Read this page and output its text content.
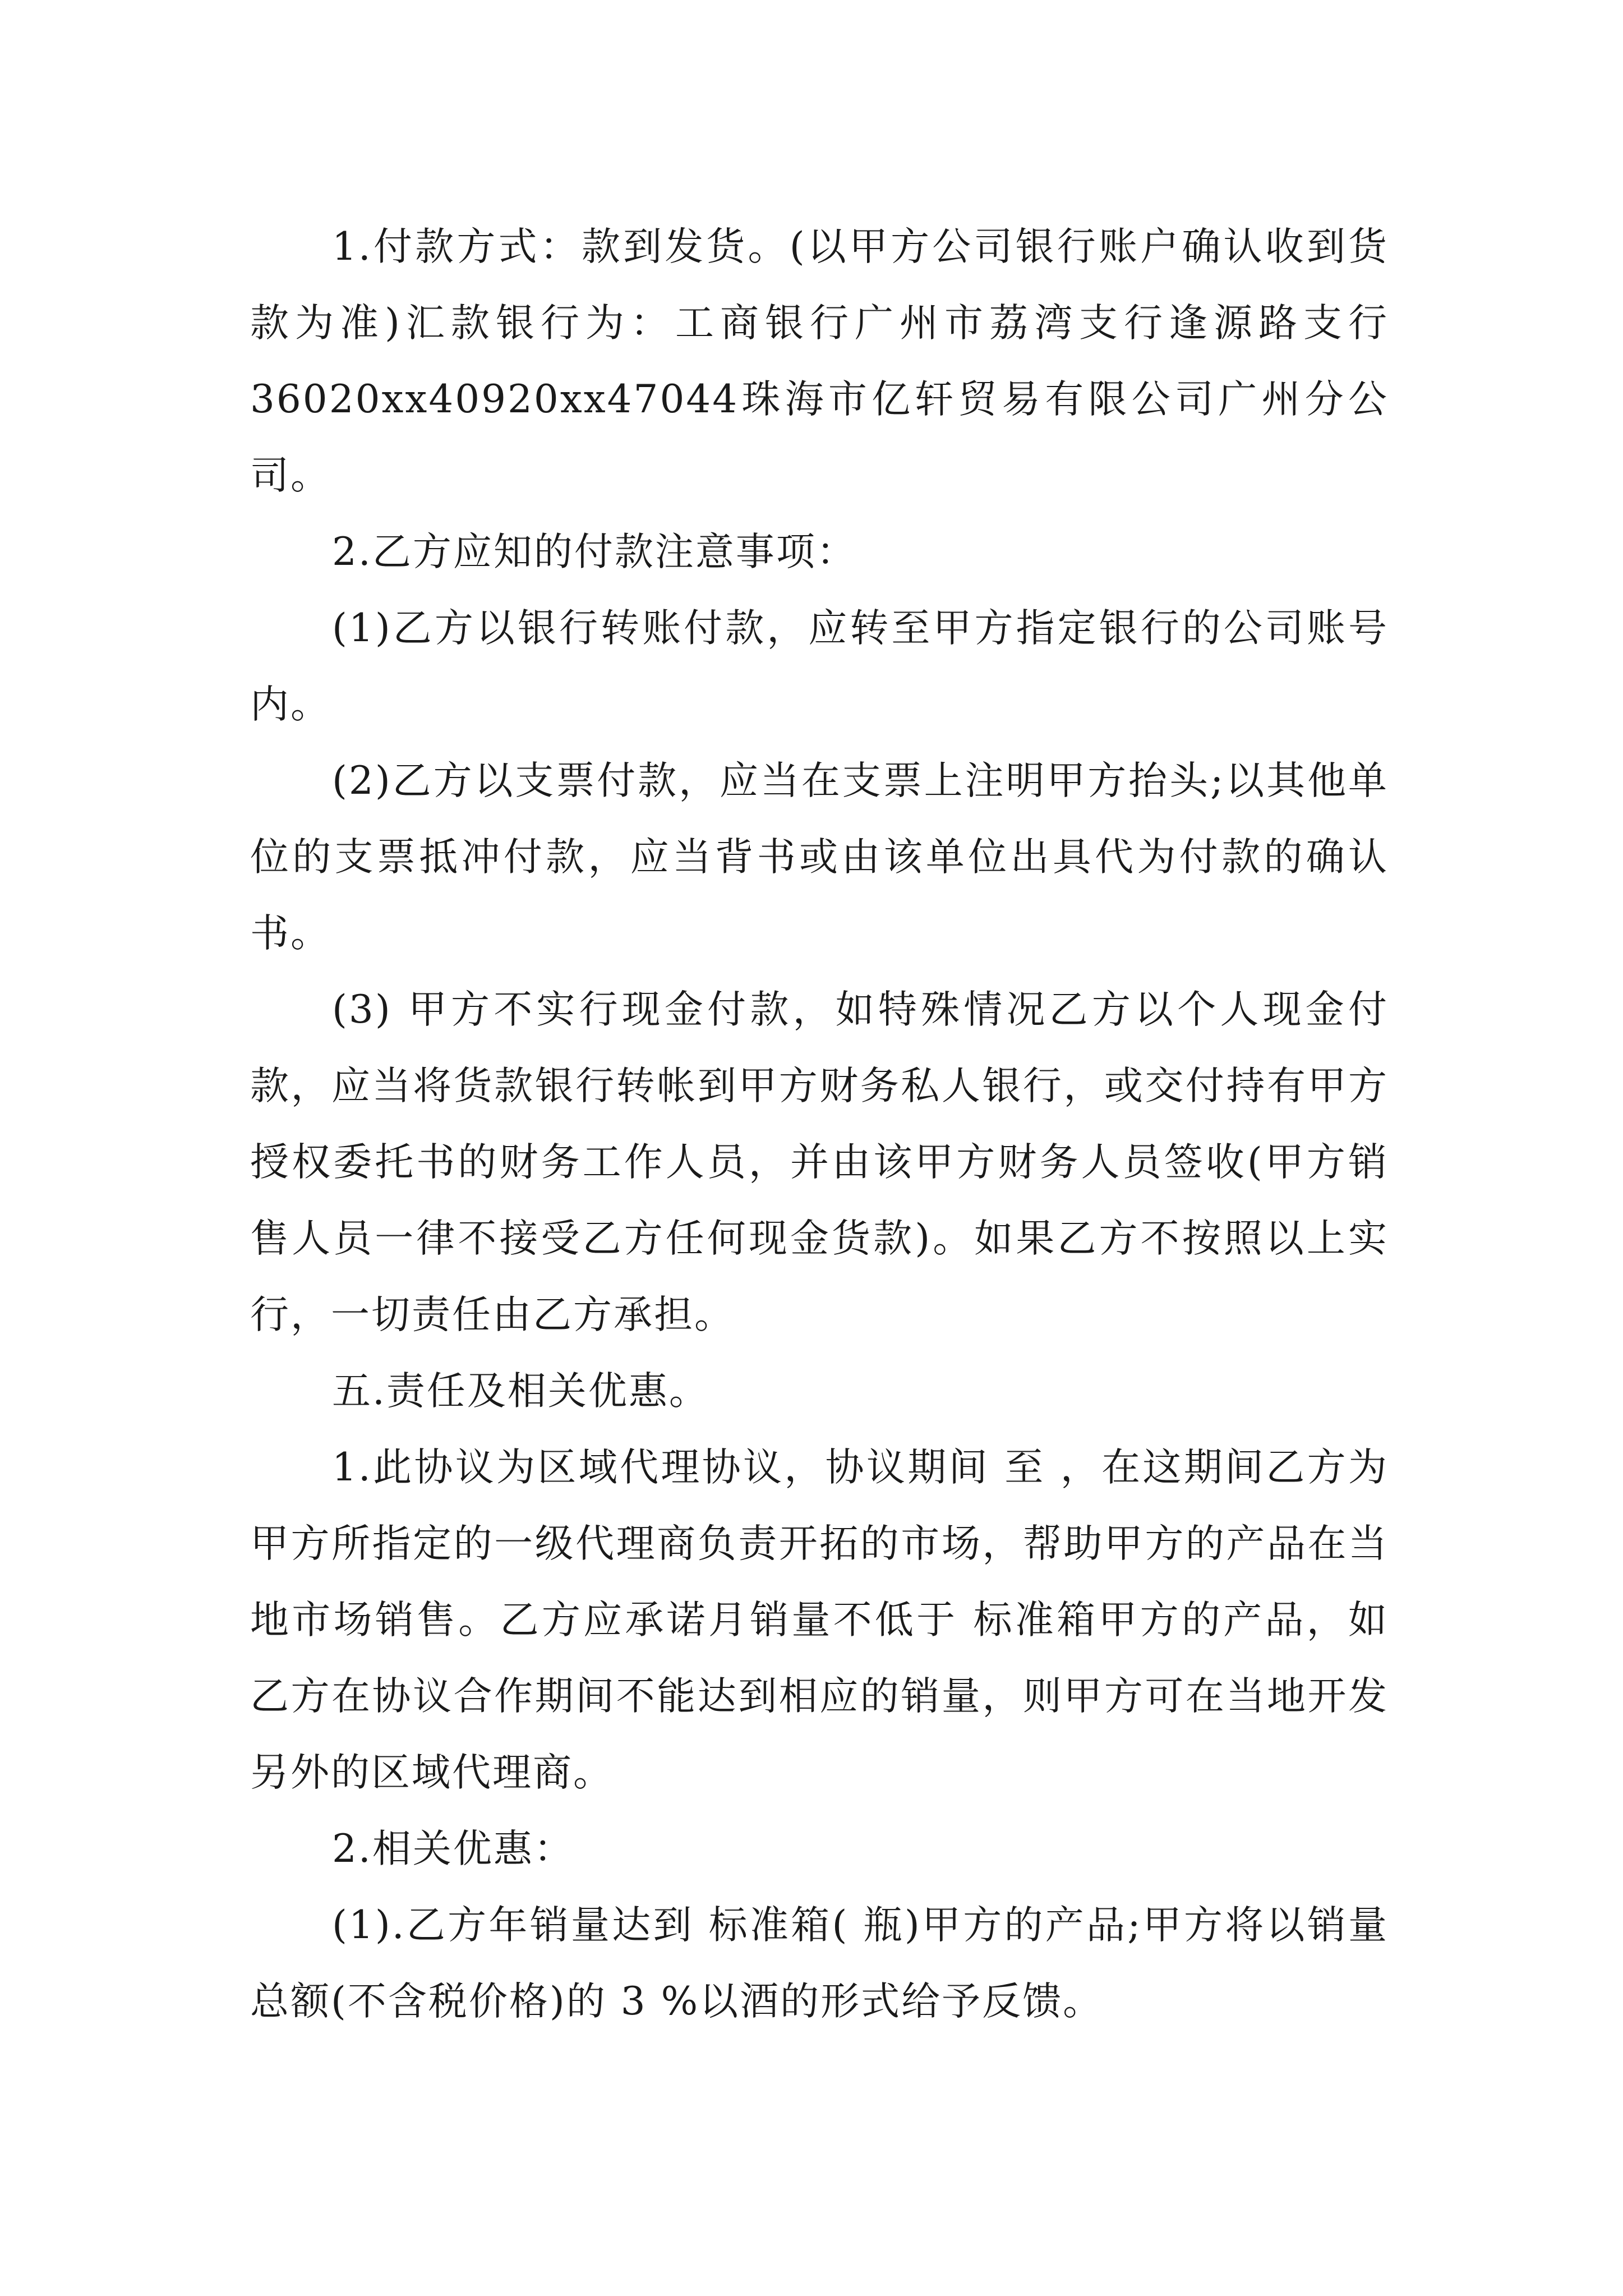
1.付款方式：款到发货。(以甲方公司银行账户确认收到货款为准)汇款银行为：工商银行广州市荔湾支行逢源路支行36020xx40920xx47044珠海市亿轩贸易有限公司广州分公司。

2.乙方应知的付款注意事项：

(1)乙方以银行转账付款，应转至甲方指定银行的公司账号内。

(2)乙方以支票付款，应当在支票上注明甲方抬头;以其他单位的支票抵冲付款，应当背书或由该单位出具代为付款的确认书。

(3) 甲方不实行现金付款，如特殊情况乙方以个人现金付款，应当将货款银行转帐到甲方财务私人银行，或交付持有甲方授权委托书的财务工作人员，并由该甲方财务人员签收(甲方销售人员一律不接受乙方任何现金货款)。如果乙方不按照以上实行，一切责任由乙方承担。

五.责任及相关优惠。

1.此协议为区域代理协议，协议期间 至 ，在这期间乙方为甲方所指定的一级代理商负责开拓的市场，帮助甲方的产品在当地市场销售。乙方应承诺月销量不低于 标准箱甲方的产品，如乙方在协议合作期间不能达到相应的销量，则甲方可在当地开发另外的区域代理商。

2.相关优惠：

(1).乙方年销量达到 标准箱( 瓶)甲方的产品;甲方将以销量总额(不含税价格)的 3 %以酒的形式给予反馈。
